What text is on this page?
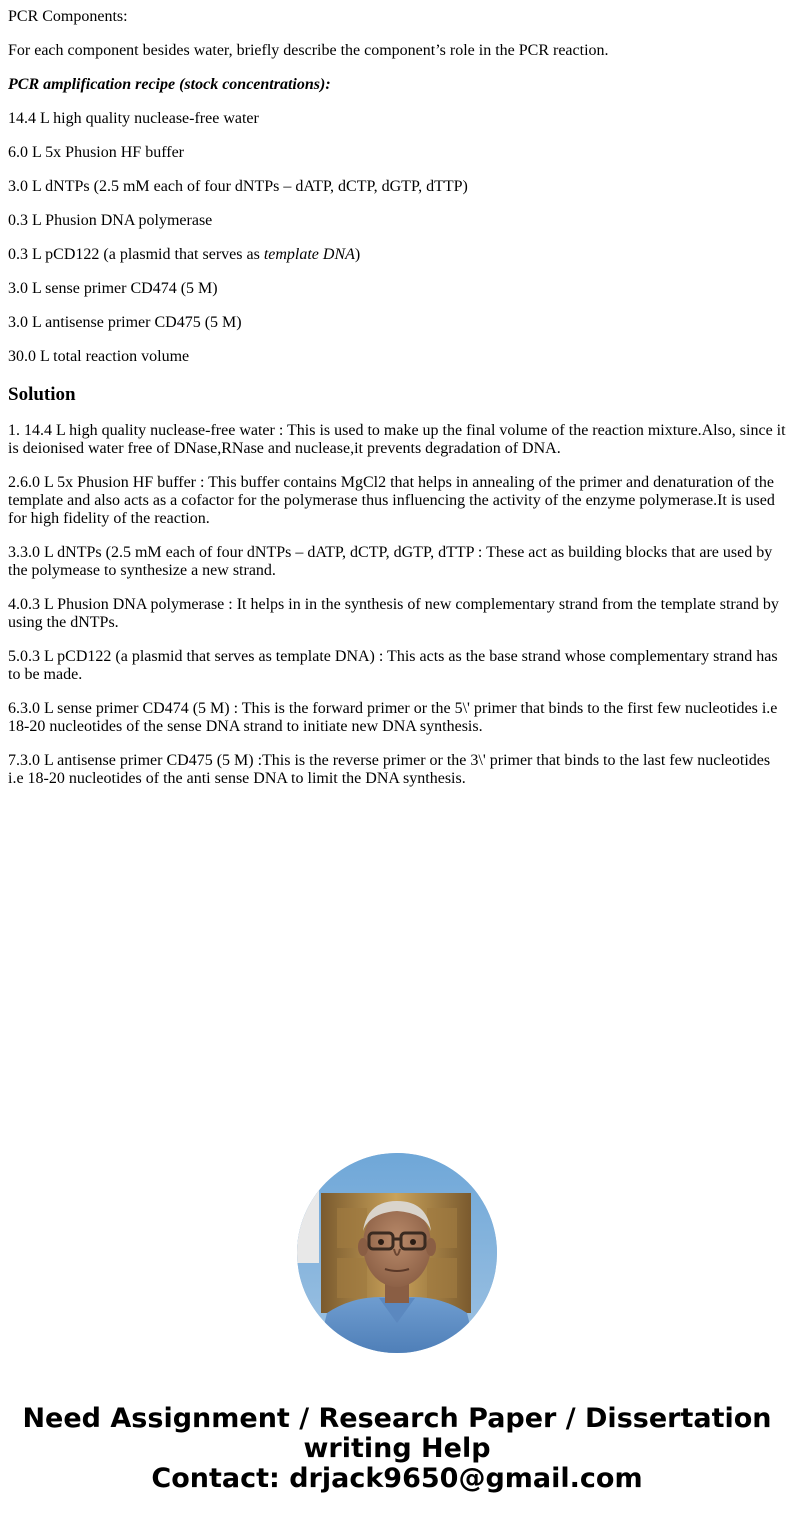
PCR Components:

For each component besides water, briefly describe the component’s role in the PCR reaction.

PCR amplification recipe (stock concentrations):

14.4 L high quality nuclease-free water

6.0 L 5x Phusion HF buffer

3.0 L dNTPs (2.5 mM each of four dNTPs – dATP, dCTP, dGTP, dTTP)

0.3 L Phusion DNA polymerase

0.3 L pCD122 (a plasmid that serves as template DNA)

3.0 L sense primer CD474 (5 M)

3.0 L antisense primer CD475 (5 M)

30.0 L total reaction volume

Solution

1. 14.4 L high quality nuclease-free water : This is used to make up the final volume of the reaction mixture.Also, since it is deionised water free of DNase,RNase and nuclease,it prevents degradation of DNA.

2.6.0 L 5x Phusion HF buffer : This buffer contains MgCl2 that helps in annealing of the primer and denaturation of the template and also acts as a cofactor for the polymerase thus influencing the activity of the enzyme polymerase.It is used for high fidelity of the reaction.

3.3.0 L dNTPs (2.5 mM each of four dNTPs – dATP, dCTP, dGTP, dTTP : These act as building blocks that are used by the polymease to synthesize a new strand.

4.0.3 L Phusion DNA polymerase : It helps in in the synthesis of new complementary strand from the template strand by using the dNTPs.

5.0.3 L pCD122 (a plasmid that serves as template DNA) : This acts as the base strand whose complementary strand has to be made.

6.3.0 L sense primer CD474 (5 M) : This is the forward primer or the 5\' primer that binds to the first few nucleotides i.e 18-20 nucleotides of the sense DNA strand to initiate new DNA synthesis.

7.3.0 L antisense primer CD475 (5 M) :This is the reverse primer or the 3\' primer that binds to the last few nucleotides i.e 18-20 nucleotides of the anti sense DNA to limit the DNA synthesis.

Need Assignment / Research Paper / Dissertation writing Help
Contact: drjack9650@gmail.com
